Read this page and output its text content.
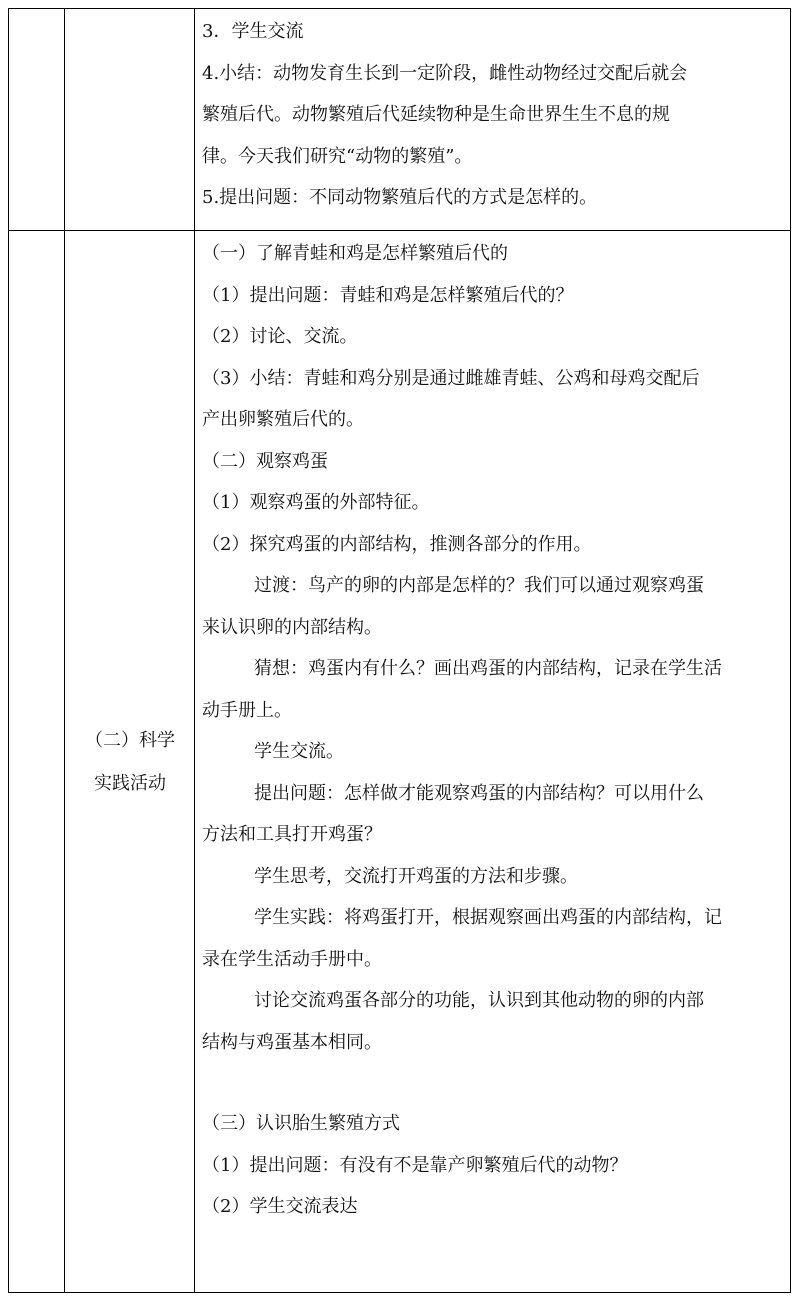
3．学生交流
4.小结：动物发育生长到一定阶段，雌性动物经过交配后就会
繁殖后代。动物繁殖后代延续物种是生命世界生生不息的规
律。今天我们研究“动物的繁殖”。
5.提出问题：不同动物繁殖后代的方式是怎样的。
（二）科学
实践活动
（一）了解青蛙和鸡是怎样繁殖后代的
（1）提出问题：青蛙和鸡是怎样繁殖后代的？
（2）讨论、交流。
（3）小结：青蛙和鸡分别是通过雌雄青蛙、公鸡和母鸡交配后
产出卵繁殖后代的。
（二）观察鸡蛋
（1）观察鸡蛋的外部特征。
（2）探究鸡蛋的内部结构，推测各部分的作用。
过渡：鸟产的卵的内部是怎样的？我们可以通过观察鸡蛋
来认识卵的内部结构。
猜想：鸡蛋内有什么？画出鸡蛋的内部结构，记录在学生活
动手册上。
学生交流。
提出问题：怎样做才能观察鸡蛋的内部结构？可以用什么
方法和工具打开鸡蛋？
学生思考，交流打开鸡蛋的方法和步骤。
学生实践：将鸡蛋打开，根据观察画出鸡蛋的内部结构，记
录在学生活动手册中。
讨论交流鸡蛋各部分的功能，认识到其他动物的卵的内部
结构与鸡蛋基本相同。
（三）认识胎生繁殖方式
（1）提出问题：有没有不是靠产卵繁殖后代的动物？
（2）学生交流表达
